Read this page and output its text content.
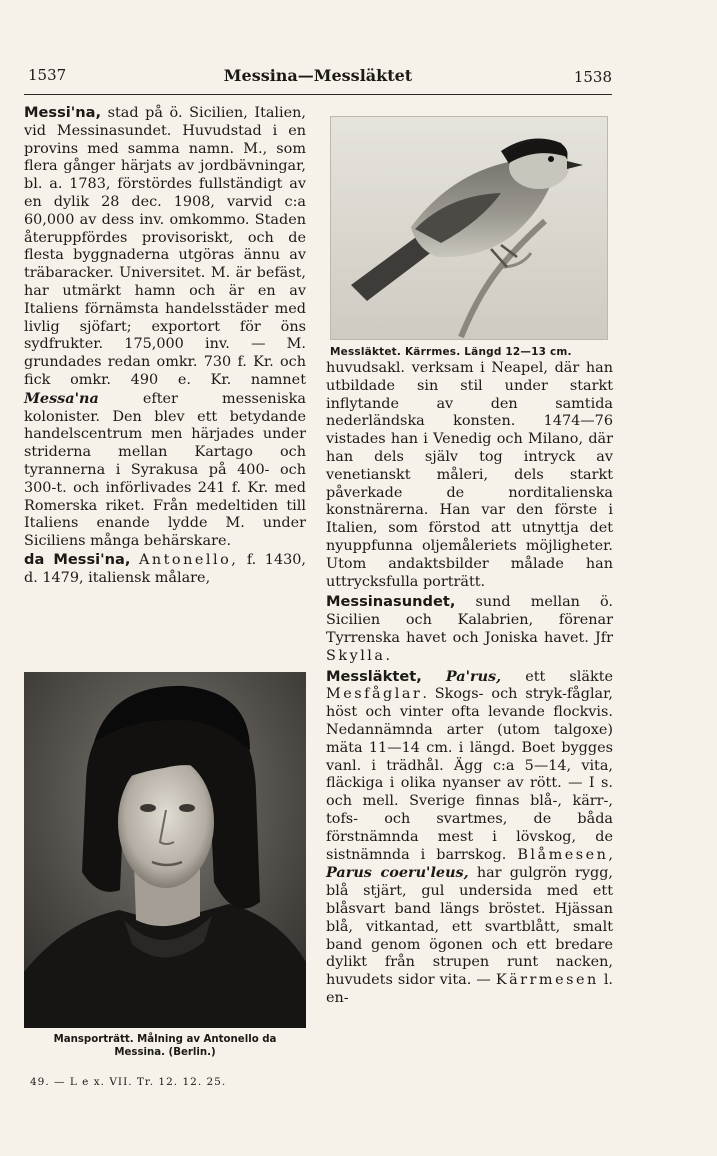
1537	Messina—Messläktet	1538

Messi'na, stad på ö. Sicilien, Italien, vid Messinasundet. Huvudstad i en provins med samma namn. M., som flera gånger härjats av jordbävningar, bl. a. 1783, förstördes fullständigt av en dylik 28 dec. 1908, varvid c:a 60,000 av dess inv. omkommo. Staden återuppfördes provisoriskt, och de flesta byggnaderna utgöras ännu av träbaracker. Universitet. M. är befäst, har utmärkt hamn och är en av Italiens förnämsta handelsstäder med livlig sjöfart; exportort för öns sydfrukter. 175,000 inv. — M. grundades redan omkr. 730 f. Kr. och fick omkr. 490 e. Kr. namnet Messa'na efter messeniska kolonister. Den blev ett betydande handelscentrum men härjades under striderna mellan Kartago och tyrannerna i Syrakusa på 400- och 300-t. och införlivades 241 f. Kr. med Romerska riket. Från medeltiden till Italiens enande lydde M. under Siciliens många behärskare.

da Messi'na, Antonello, f. 1430, d. 1479, italiensk målare,

Mansporträtt. Målning av Antonello da
Messina. (Berlin.)
Messläktet. Kärrmes. Längd 12—13 cm.

huvudsakl. verksam i Neapel, där han utbildade sin stil under starkt inflytande av den samtida nederländska konsten. 1474—76 vistades han i Venedig och Milano, där han dels själv tog intryck av venetianskt måleri, dels starkt påverkade de norditalienska konstnärerna. Han var den förste i Italien, som förstod att utnyttja det nyuppfunna oljemåleriets möjligheter. Utom andaktsbilder målade han uttrycksfulla porträtt.

Messinasundet, sund mellan ö. Sicilien och Kalabrien, förenar Tyrrenska havet och Joniska havet. Jfr Skylla.

Messläktet, Pa'rus, ett släkte Mesfåglar. Skogs- och stryk-fåglar, höst och vinter ofta levande flockvis. Nedannämnda arter (utom talgoxe) mäta 11—14 cm. i längd. Boet bygges vanl. i trädhål. Ägg c:a 5—14, vita, fläckiga i olika nyanser av rött. — I s. och mell. Sverige finnas blå-, kärr-, tofs- och svartmes, de båda förstnämnda mest i lövskog, de sistnämnda i barrskog. Blåmesen, Parus coeru'leus, har gulgrön rygg, blå stjärt, gul undersida med ett blåsvart band längs bröstet. Hjässan blå, vitkantad, ett svartblått, smalt band genom ögonen och ett bredare dylikt från strupen runt nacken, huvudets sidor vita. — Kärrmesen l. en-

49. — L e x. VII. Tr. 12. 12. 25.
